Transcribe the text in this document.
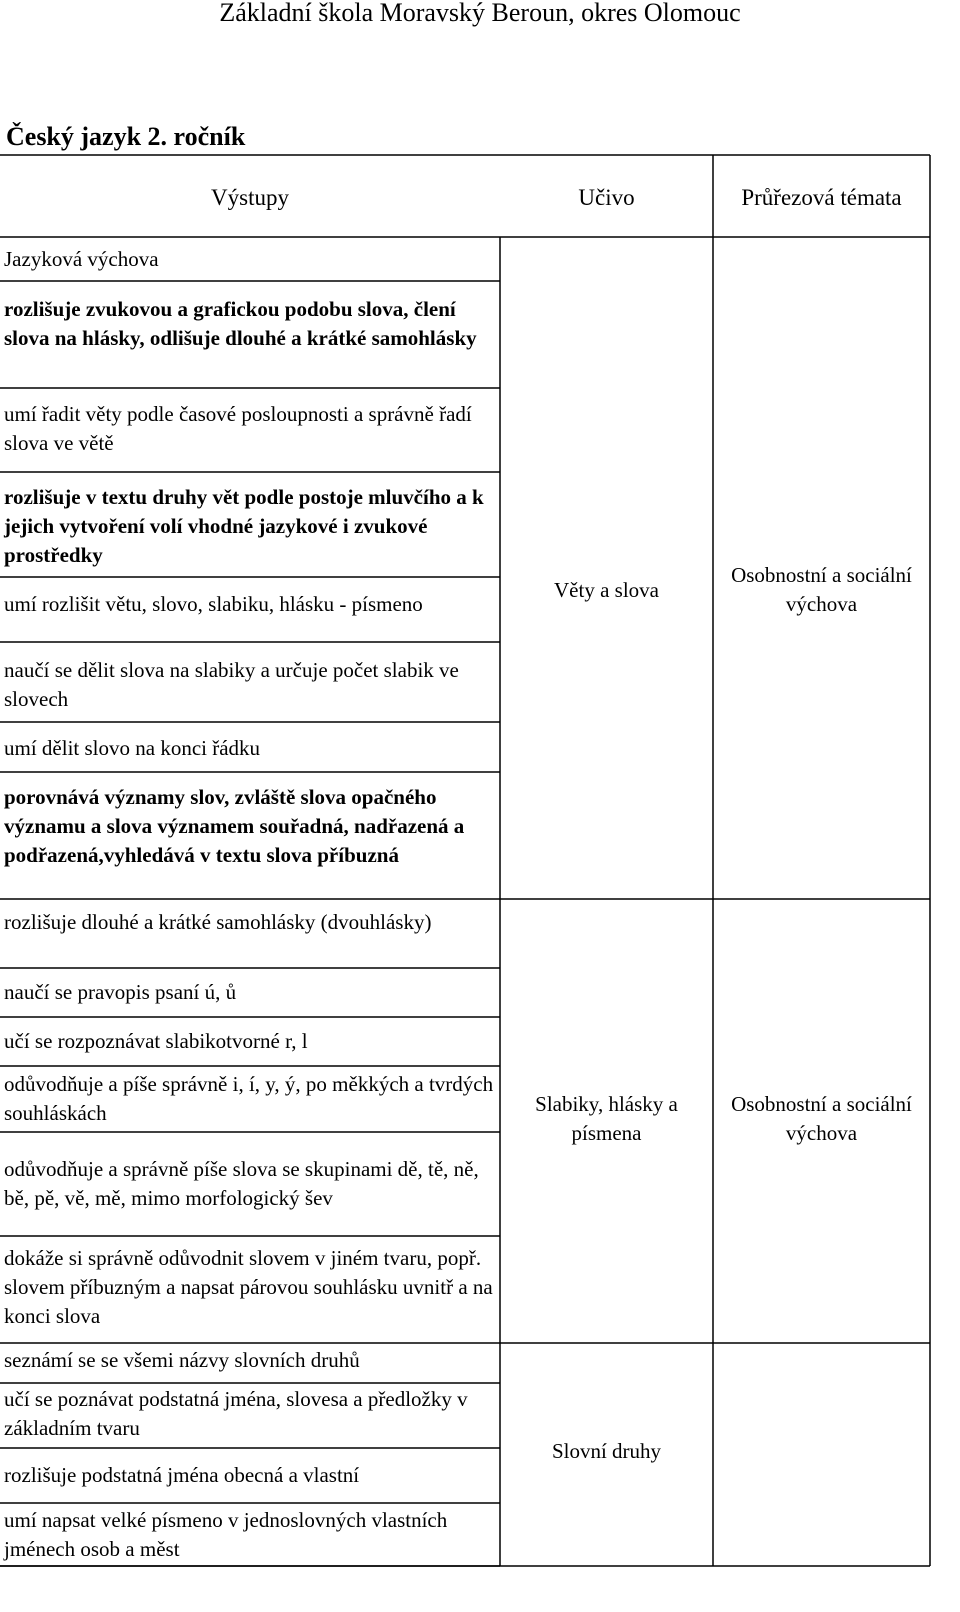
Základní škola Moravský Beroun, okres Olomouc
Český jazyk 2. ročník
Výstupy	Učivo	Průřezová témata
Jazyková výchova
rozlišuje zvukovou a grafickou podobu slova, člení slova na hlásky, odlišuje dlouhé a krátké samohlásky
umí řadit věty podle časové posloupnosti a správně řadí slova ve větě
rozlišuje v textu druhy vět podle postoje mluvčího a k jejich vytvoření volí vhodné jazykové i zvukové prostředky
umí rozlišit větu, slovo, slabiku, hlásku - písmeno
naučí se dělit slova na slabiky a určuje počet slabik ve slovech
umí dělit slovo na konci řádku
porovnává významy slov, zvláště slova opačného významu a slova významem souřadná, nadřazená a podřazená,vyhledává v textu slova příbuzná
rozlišuje dlouhé a krátké samohlásky (dvouhlásky)
naučí se pravopis psaní ú, ů
učí se rozpoznávat slabikotvorné r, l
odůvodňuje a píše správně i, í, y, ý, po měkkých a tvrdých souhláskách
odůvodňuje a správně píše slova se skupinami dě, tě, ně, bě, pě, vě, mě, mimo morfologický šev
dokáže si správně odůvodnit slovem v jiném tvaru, popř. slovem příbuzným a napsat párovou souhlásku uvnitř a na konci slova
seznámí se se všemi názvy slovních druhů
učí se poznávat podstatná jména, slovesa a předložky v základním tvaru
rozlišuje podstatná jména obecná a vlastní
umí napsat velké písmeno v jednoslovných vlastních jménech osob a měst
Věty a slova
Slabiky, hlásky a písmena
Slovní druhy
Osobnostní a sociální výchova
Osobnostní a sociální výchova
